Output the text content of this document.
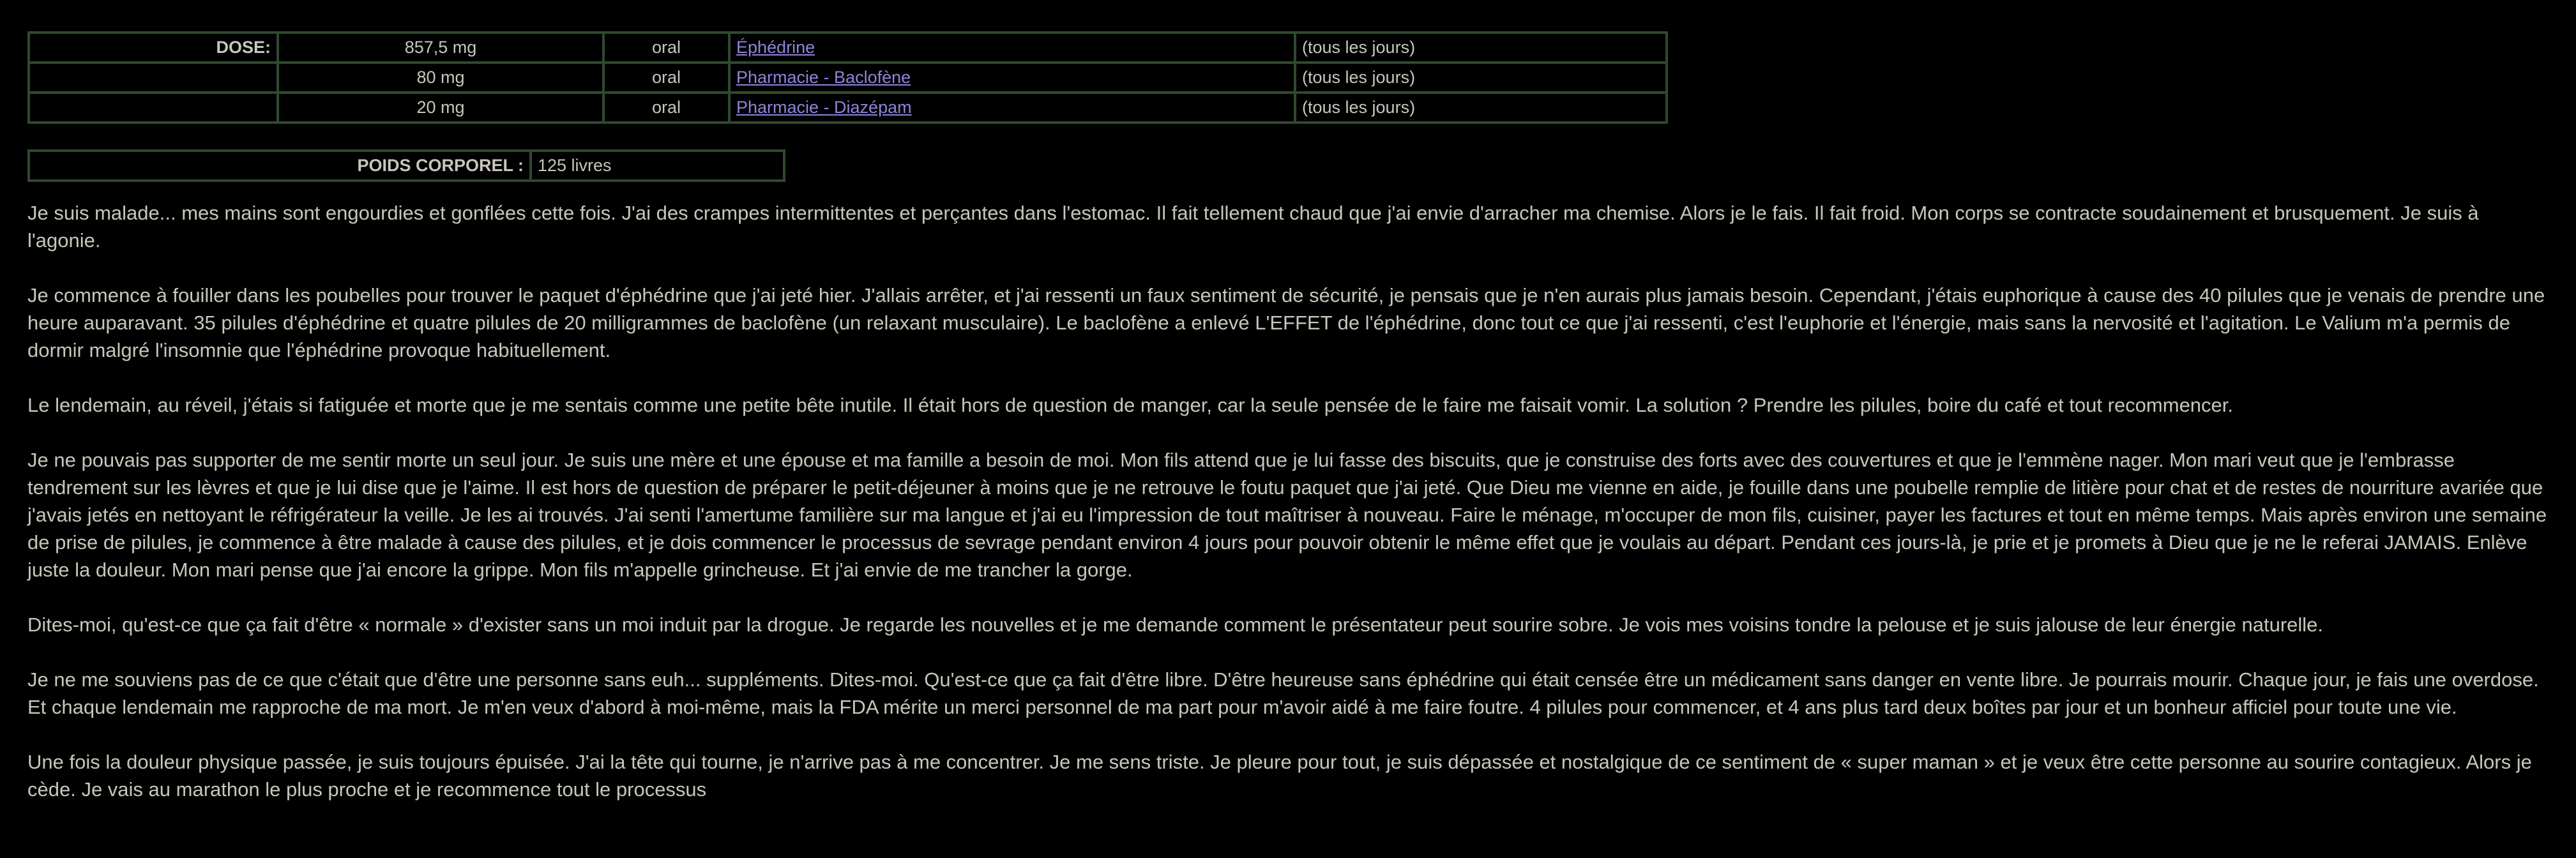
DOSE:	857,5 mg	oral	Éphédrine	(tous les jours)
	80 mg	oral	Pharmacie - Baclofène	(tous les jours)
	20 mg	oral	Pharmacie - Diazépam	(tous les jours)
POIDS CORPOREL :	125 livres

Je suis malade... mes mains sont engourdies et gonflées cette fois. J'ai des crampes intermittentes et perçantes dans l'estomac. Il fait tellement chaud que j'ai envie d'arracher ma chemise. Alors je le fais. Il fait froid. Mon corps se contracte soudainement et brusquement. Je suis à l'agonie.

Je commence à fouiller dans les poubelles pour trouver le paquet d'éphédrine que j'ai jeté hier. J'allais arrêter, et j'ai ressenti un faux sentiment de sécurité, je pensais que je n'en aurais plus jamais besoin. Cependant, j'étais euphorique à cause des 40 pilules que je venais de prendre une heure auparavant. 35 pilules d'éphédrine et quatre pilules de 20 milligrammes de baclofène (un relaxant musculaire). Le baclofène a enlevé L'EFFET de l'éphédrine, donc tout ce que j'ai ressenti, c'est l'euphorie et l'énergie, mais sans la nervosité et l'agitation. Le Valium m'a permis de dormir malgré l'insomnie que l'éphédrine provoque habituellement.

Le lendemain, au réveil, j'étais si fatiguée et morte que je me sentais comme une petite bête inutile. Il était hors de question de manger, car la seule pensée de le faire me faisait vomir. La solution ? Prendre les pilules, boire du café et tout recommencer.

Je ne pouvais pas supporter de me sentir morte un seul jour. Je suis une mère et une épouse et ma famille a besoin de moi. Mon fils attend que je lui fasse des biscuits, que je construise des forts avec des couvertures et que je l'emmène nager. Mon mari veut que je l'embrasse tendrement sur les lèvres et que je lui dise que je l'aime. Il est hors de question de préparer le petit-déjeuner à moins que je ne retrouve le foutu paquet que j'ai jeté. Que Dieu me vienne en aide, je fouille dans une poubelle remplie de litière pour chat et de restes de nourriture avariée que j'avais jetés en nettoyant le réfrigérateur la veille. Je les ai trouvés. J'ai senti l'amertume familière sur ma langue et j'ai eu l'impression de tout maîtriser à nouveau. Faire le ménage, m'occuper de mon fils, cuisiner, payer les factures et tout en même temps. Mais après environ une semaine de prise de pilules, je commence à être malade à cause des pilules, et je dois commencer le processus de sevrage pendant environ 4 jours pour pouvoir obtenir le même effet que je voulais au départ. Pendant ces jours-là, je prie et je promets à Dieu que je ne le referai JAMAIS. Enlève juste la douleur. Mon mari pense que j'ai encore la grippe. Mon fils m'appelle grincheuse. Et j'ai envie de me trancher la gorge.

Dites-moi, qu'est-ce que ça fait d'être « normale » d'exister sans un moi induit par la drogue. Je regarde les nouvelles et je me demande comment le présentateur peut sourire sobre. Je vois mes voisins tondre la pelouse et je suis jalouse de leur énergie naturelle.

Je ne me souviens pas de ce que c'était que d'être une personne sans euh... suppléments. Dites-moi. Qu'est-ce que ça fait d'être libre. D'être heureuse sans éphédrine qui était censée être un médicament sans danger en vente libre. Je pourrais mourir. Chaque jour, je fais une overdose. Et chaque lendemain me rapproche de ma mort. Je m'en veux d'abord à moi-même, mais la FDA mérite un merci personnel de ma part pour m'avoir aidé à me faire foutre. 4 pilules pour commencer, et 4 ans plus tard deux boîtes par jour et un bonheur afficiel pour toute une vie.

Une fois la douleur physique passée, je suis toujours épuisée. J'ai la tête qui tourne, je n'arrive pas à me concentrer. Je me sens triste. Je pleure pour tout, je suis dépassée et nostalgique de ce sentiment de « super maman » et je veux être cette personne au sourire contagieux. Alors je cède. Je vais au marathon le plus proche et je recommence tout le processus
